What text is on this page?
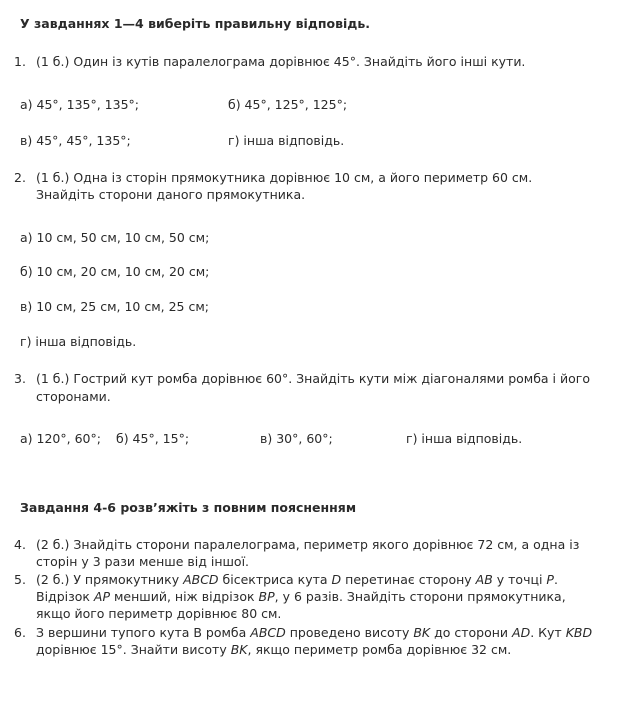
У завданнях 1—4 виберіть правильну відповідь.
1. (1 б.) Один із кутів паралелограма дорівнює 45°. Знайдіть його інші кути.
а) 45°, 135°, 135°;	б) 45°, 125°, 125°;
в) 45°, 45°, 135°;	г) інша відповідь.
2. (1 б.) Одна із сторін прямокутника дорівнює 10 см, а його периметр 60 см.
Знайдіть сторони даного прямокутника.
а) 10 см, 50 см, 10 см, 50 см;
б) 10 см, 20 см, 10 см, 20 см;
в) 10 см, 25 см, 10 см, 25 см;
г) інша відповідь.
3. (1 б.) Гострий кут ромба дорівнює 60°. Знайдіть кути між діагоналями ромба і його
сторонами.
а) 120°, 60°; б) 45°, 15°;	в) 30°, 60°;	г) інша відповідь.
Завдання 4-6 розв’яжіть з повним поясненням
4. (2 б.) Знайдіть сторони паралелограма, периметр якого дорівнює 72 см, а одна із
сторін у 3 рази менше від іншої.
5. (2 б.) У прямокутнику ABCD бісектриса кута D перетинає сторону AB у точці P.
Відрізок AP менший, ніж відрізок BP, у 6 разів. Знайдіть сторони прямокутника,
якщо його периметр дорівнює 80 см.
6. З вершини тупого кута В ромба ABCD проведено висоту BK до сторони AD. Кут KBD
дорівнює 15°. Знайти висоту BK, якщо периметр ромба дорівнює 32 см.
